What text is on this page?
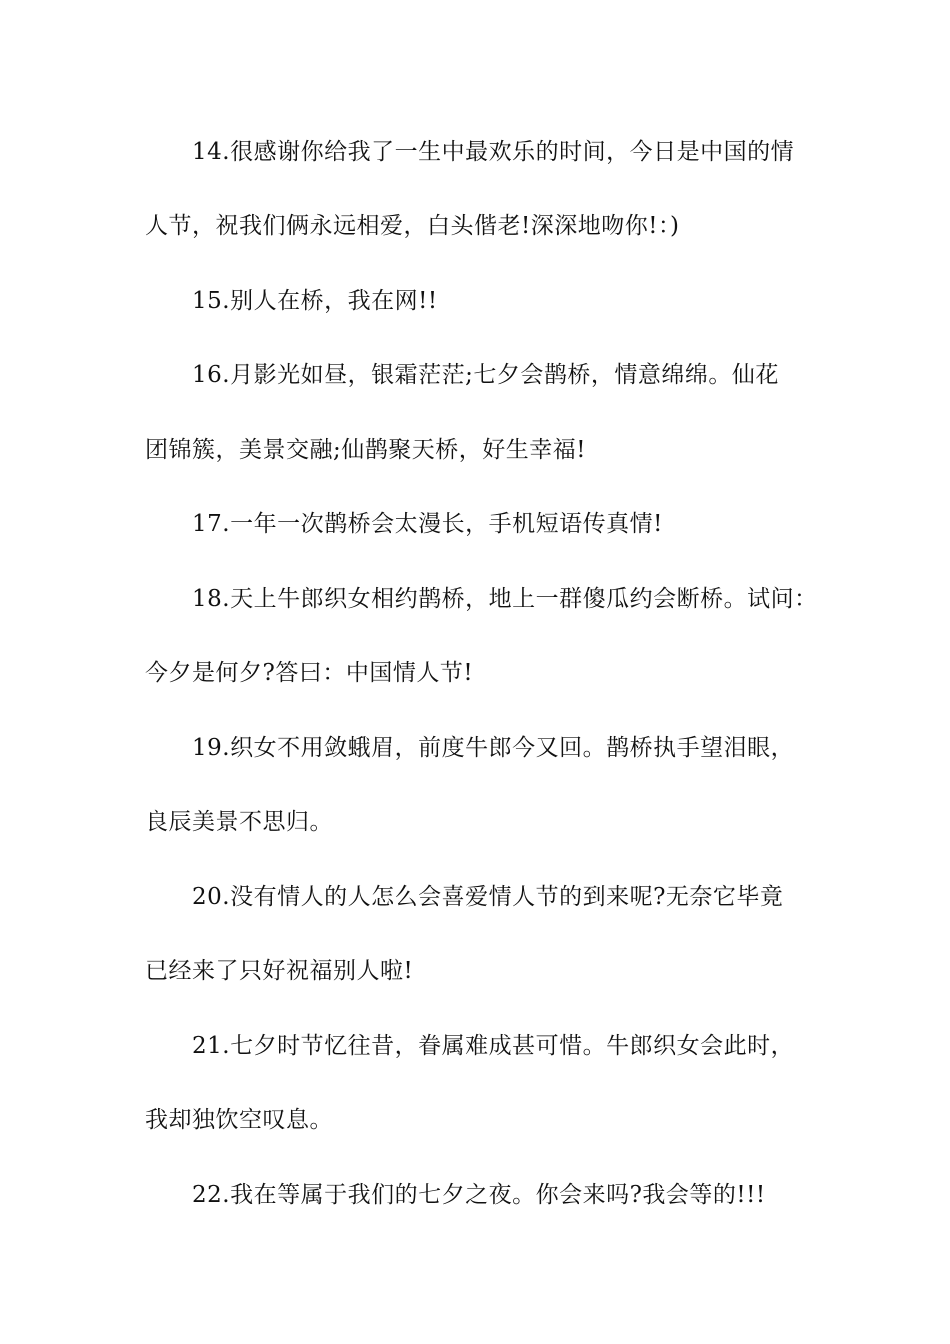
14.很感谢你给我了一生中最欢乐的时间，今日是中国的情
人节，祝我们俩永远相爱，白头偕老!深深地吻你!：)
15.别人在桥，我在网!!
16.月影光如昼，银霜茫茫;七夕会鹊桥，情意绵绵。仙花
团锦簇，美景交融;仙鹊聚天桥，好生幸福!
17.一年一次鹊桥会太漫长，手机短语传真情!
18.天上牛郎织女相约鹊桥，地上一群傻瓜约会断桥。试问：
今夕是何夕?答曰：中国情人节!
19.织女不用敛蛾眉，前度牛郎今又回。鹊桥执手望泪眼，
良辰美景不思归。
20.没有情人的人怎么会喜爱情人节的到来呢?无奈它毕竟
已经来了只好祝福别人啦!
21.七夕时节忆往昔，眷属难成甚可惜。牛郎织女会此时，
我却独饮空叹息。
22.我在等属于我们的七夕之夜。你会来吗?我会等的!!!
